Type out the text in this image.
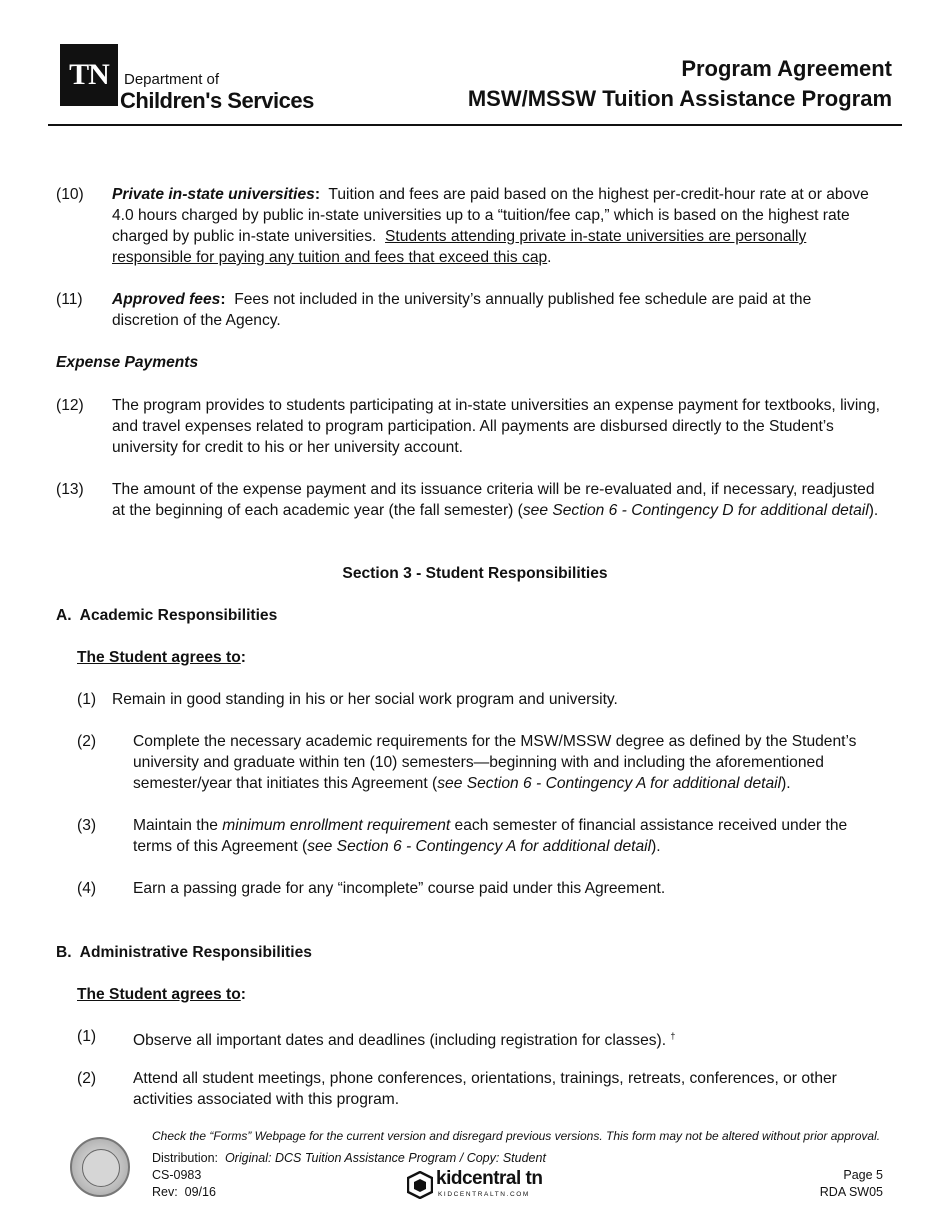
TN	Department of
Children's Services
Program Agreement
MSW/MSSW Tuition Assistance Program
(10)	Private in-state universities:  Tuition and fees are paid based on the highest per-credit-hour rate at or above 4.0 hours charged by public in-state universities up to a “tuition/fee cap,” which is based on the highest rate charged by public in-state universities.  Students attending private in-state universities are personally responsible for paying any tuition and fees that exceed this cap.
(11)	Approved fees:  Fees not included in the university’s annually published fee schedule are paid at the discretion of the Agency.
Expense Payments
(12)	The program provides to students participating at in-state universities an expense payment for textbooks, living, and travel expenses related to program participation. All payments are disbursed directly to the Student’s university for credit to his or her university account.
(13)	The amount of the expense payment and its issuance criteria will be re-evaluated and, if necessary, readjusted at the beginning of each academic year (the fall semester) (see Section 6 - Contingency D for additional detail).
Section 3 - Student Responsibilities
A.  Academic Responsibilities
The Student agrees to:
(1)	Remain in good standing in his or her social work program and university.
(2)	Complete the necessary academic requirements for the MSW/MSSW degree as defined by the Student’s university and graduate within ten (10) semesters—beginning with and including the aforementioned semester/year that initiates this Agreement (see Section 6 - Contingency A for additional detail).
(3)	Maintain the minimum enrollment requirement each semester of financial assistance received under the terms of this Agreement (see Section 6 - Contingency A for additional detail).
(4)	Earn a passing grade for any “incomplete” course paid under this Agreement.
B.  Administrative Responsibilities
The Student agrees to:
(1)	Observe all important dates and deadlines (including registration for classes). †
(2)	Attend all student meetings, phone conferences, orientations, trainings, retreats, conferences, or other activities associated with this program.
Check the “Forms” Webpage for the current version and disregard previous versions. This form may not be altered without prior approval.
Distribution: Original: DCS Tuition Assistance Program / Copy: Student
CS-0983
Rev:  09/16
kidcentral tn
KIDCENTRALTN.COM
Page 5
RDA SW05
